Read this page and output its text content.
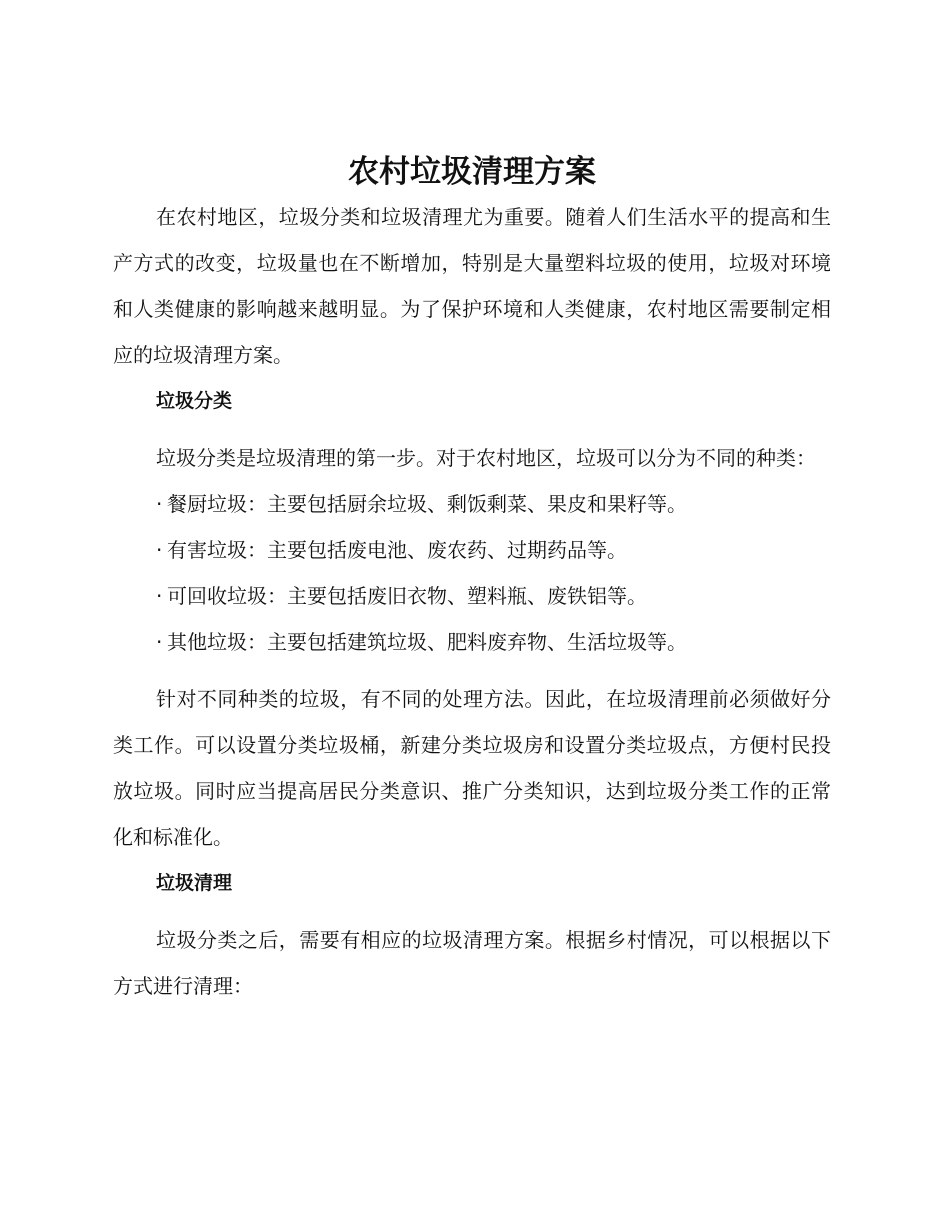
农村垃圾清理方案

在农村地区，垃圾分类和垃圾清理尤为重要。随着人们生活水平的提高和生产方式的改变，垃圾量也在不断增加，特别是大量塑料垃圾的使用，垃圾对环境和人类健康的影响越来越明显。为了保护环境和人类健康，农村地区需要制定相应的垃圾清理方案。

垃圾分类

垃圾分类是垃圾清理的第一步。对于农村地区，垃圾可以分为不同的种类：

· 餐厨垃圾：主要包括厨余垃圾、剩饭剩菜、果皮和果籽等。

· 有害垃圾：主要包括废电池、废农药、过期药品等。

· 可回收垃圾：主要包括废旧衣物、塑料瓶、废铁铝等。

· 其他垃圾：主要包括建筑垃圾、肥料废弃物、生活垃圾等。

针对不同种类的垃圾，有不同的处理方法。因此，在垃圾清理前必须做好分类工作。可以设置分类垃圾桶，新建分类垃圾房和设置分类垃圾点，方便村民投放垃圾。同时应当提高居民分类意识、推广分类知识，达到垃圾分类工作的正常化和标准化。

垃圾清理

垃圾分类之后，需要有相应的垃圾清理方案。根据乡村情况，可以根据以下方式进行清理：
